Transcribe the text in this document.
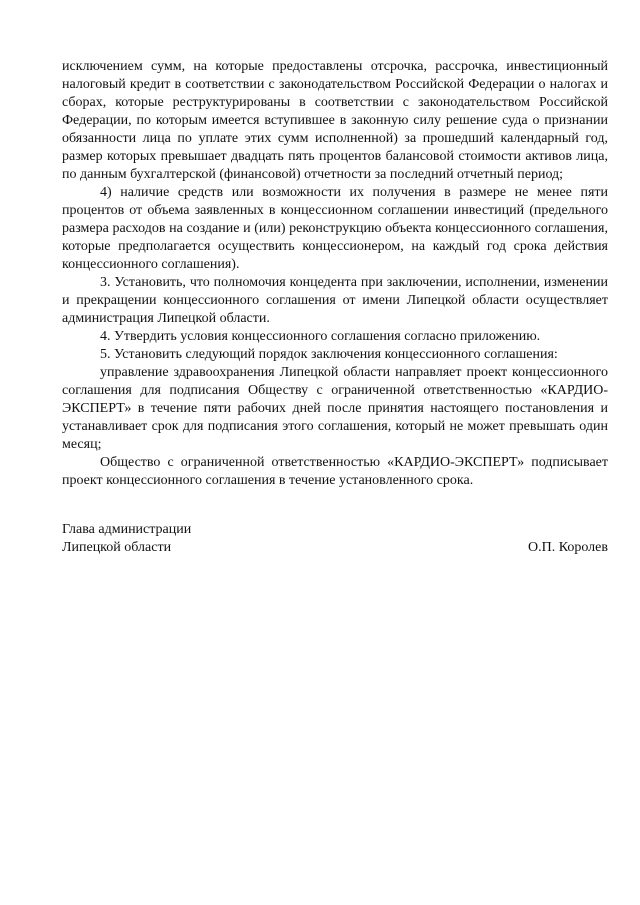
исключением сумм, на которые предоставлены отсрочка, рассрочка, инвестиционный налоговый кредит в соответствии с законодательством Российской Федерации о налогах и сборах, которые реструктурированы в соответствии с законодательством Российской Федерации, по которым имеется вступившее в законную силу решение суда о признании обязанности лица по уплате этих сумм исполненной) за прошедший календарный год, размер которых превышает двадцать пять процентов балансовой стоимости активов лица, по данным бухгалтерской (финансовой) отчетности за последний отчетный период;

4) наличие средств или возможности их получения в размере не менее пяти процентов от объема заявленных в концессионном соглашении инвестиций (предельного размера расходов на создание и (или) реконструкцию объекта концессионного соглашения, которые предполагается осуществить концессионером, на каждый год срока действия концессионного соглашения).

3. Установить, что полномочия концедента при заключении, исполнении, изменении и прекращении концессионного соглашения от имени Липецкой области осуществляет администрация Липецкой области.

4. Утвердить условия концессионного соглашения согласно приложению.

5. Установить следующий порядок заключения концессионного соглашения:

управление здравоохранения Липецкой области направляет проект концессионного соглашения для подписания Обществу с ограниченной ответственностью «КАРДИО-ЭКСПЕРТ» в течение пяти рабочих дней после принятия настоящего постановления и устанавливает срок для подписания этого соглашения, который не может превышать один месяц;

Общество с ограниченной ответственностью «КАРДИО-ЭКСПЕРТ» подписывает проект концессионного соглашения в течение установленного срока.

Глава администрации
Липецкой области	О.П. Королев
